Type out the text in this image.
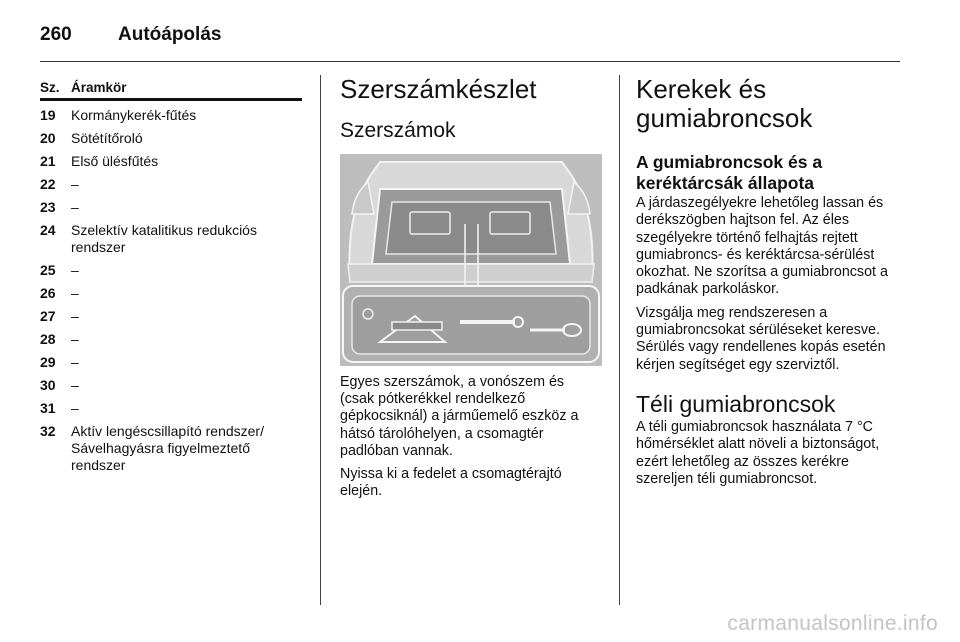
260	Autóápolás
Sz. Áramkör
19	Kormánykerék-fűtés
20	Sötétítőroló
21	Első ülésfűtés
22	–
23	–
24	Szelektív katalitikus redukciós rendszer
25	–
26	–
27	–
28	–
29	–
30	–
31	–
32	Aktív lengéscsillapító rendszer/ Sávelhagyásra figyelmeztető rendszer
Szerszámkészlet
Szerszámok
Egyes szerszámok, a vonószem és (csak pótkerékkel rendelkező gépkocsiknál) a járműemelő eszköz a hátsó tárolóhelyen, a csomagtér padlóban vannak.
Nyissa ki a fedelet a csomagtérajtó elején.
Kerekek és gumiabroncsok
A gumiabroncsok és a keréktárcsák állapota
A járdaszegélyekre lehetőleg lassan és derékszögben hajtson fel. Az éles szegélyekre történő felhajtás rejtett gumiabroncs- és keréktárcsa-sérülést okozhat. Ne szorítsa a gumiabroncsot a padkának parkoláskor.
Vizsgálja meg rendszeresen a gumiabroncsokat sérüléseket keresve. Sérülés vagy rendellenes kopás esetén kérjen segítséget egy szerviztől.
Téli gumiabroncsok
A téli gumiabroncsok használata 7 °C hőmérséklet alatt növeli a biztonságot, ezért lehetőleg az összes kerékre szereljen téli gumiabroncsot.
carmanualsonline.info
